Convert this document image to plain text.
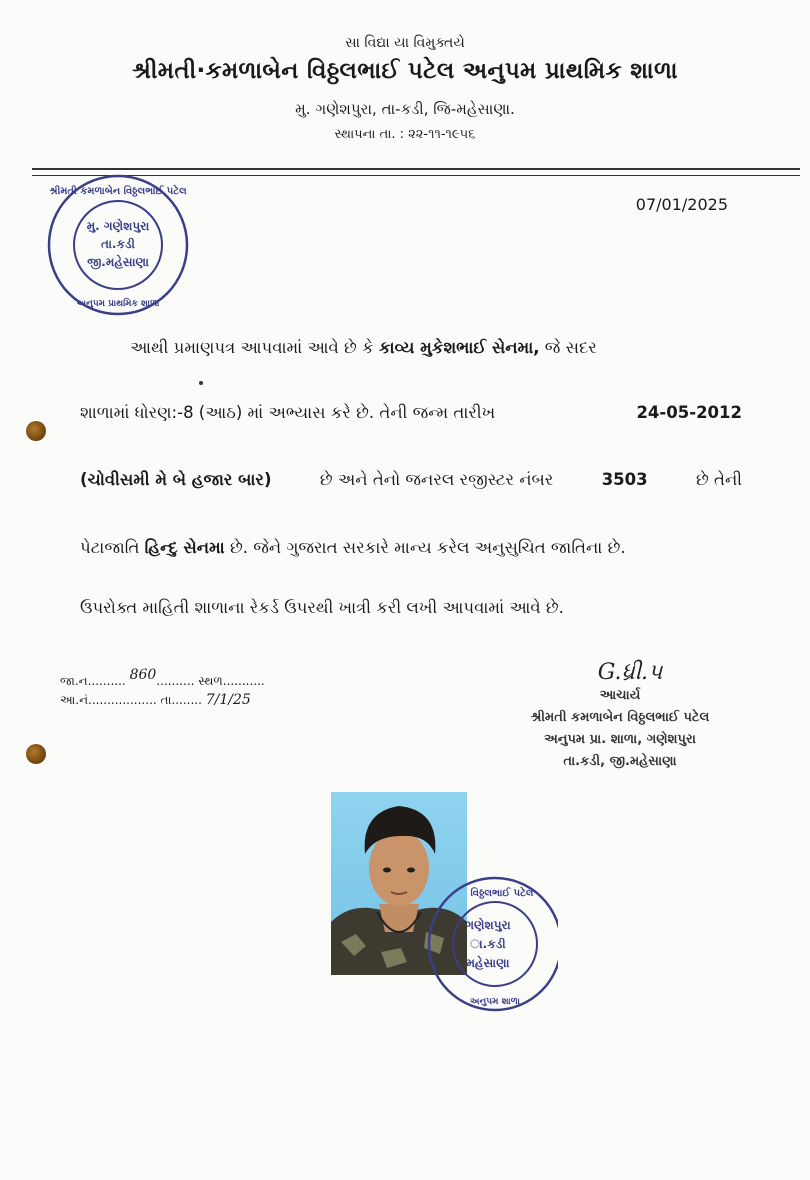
સા વિદ્યા યા વિમુક્તયે
શ્રીમતી·કમળાબેન વિઠ્ઠલભાઈ પટેલ અનુપમ પ્રાથમિક શાળા
મુ. ગણેશપુરા, તા-કડી, જિ-મહેસાણા.
સ્થાપના તા. : ૨૨-૧૧-૧૯૫૬
શ્રીમતી કમળાબેન વિઠ્ઠલભાઈ પટેલ
અનુપમ પ્રાથમિક શાળા
મુ. ગણેશપુરા
તા.કડી
જી.મહેસાણા
07/01/2025
આથી પ્રમાણપત્ર આપવામાં આવે છે કે કાવ્ય મુકેશભાઈ સેનમા, જે સદર
શાળામાં ધોરણ:-8 (આઠ) માં અભ્યાસ કરે છે. તેની જન્મ તારીખ	24-05-2012
(ચોવીસમી મે બે હજાર બાર)	છે અને તેનો જનરલ રજીસ્ટર નંબર	3503	છે તેની
પેટાજાતિ હિન્દુ સેનમા છે. જેને ગુજરાત સરકારે માન્ય કરેલ અનુસુચિત જાતિના છે.
ઉપરોક્ત માહિતી શાળાના રેકર્ડ ઉપરથી ખાત્રી કરી લખી આપવામાં આવે છે.
જા.ન.......... 860.......... સ્થળ...........
આ.નં.................. તા........ 7/1/25
G.ધ્રી.પ
આચાર્ય
શ્રીમતી કમળાબેન વિઠ્ઠલભાઈ પટેલ
અનુપમ પ્રા. શાળા, ગણેશપુરા
તા.કડી, જી.મહેસાણા
વિઠ્ઠલભાઈ પટેલ
અનુપમ શાળા
ગણેશપુરા
ા.કડી
મહેસાણા
